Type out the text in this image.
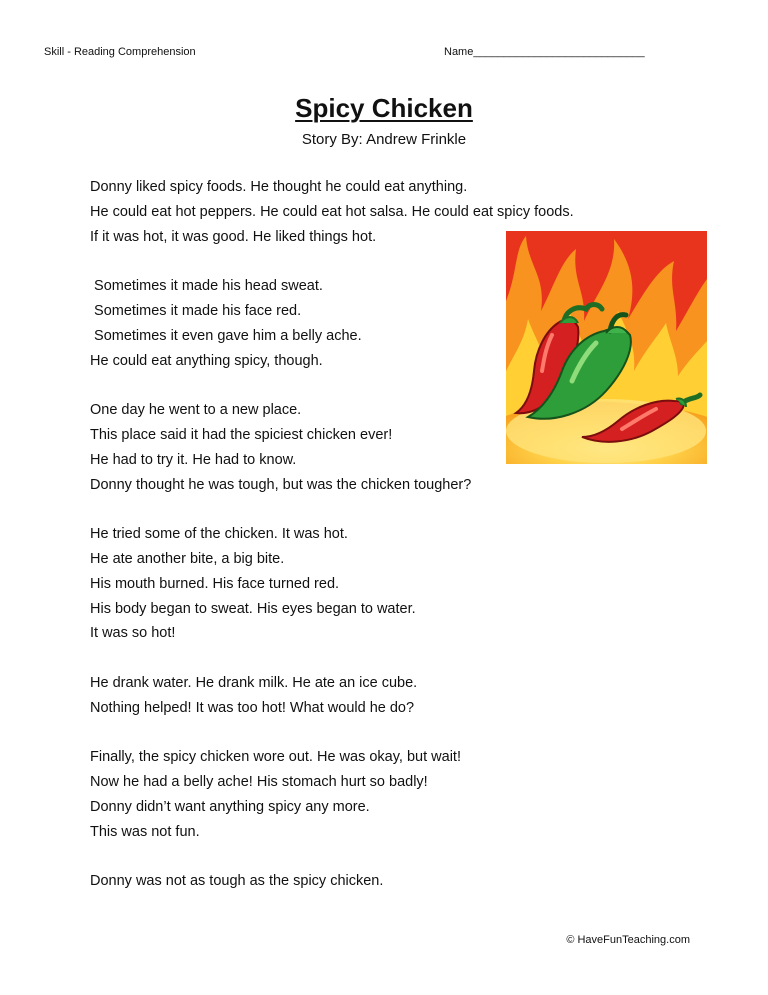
Skill - Reading Comprehension	Name____________________________
Spicy Chicken
Story By: Andrew Frinkle
Donny liked spicy foods. He thought he could eat anything.
He could eat hot peppers. He could eat hot salsa. He could eat spicy foods.
If it was hot, it was good. He liked things hot.
Sometimes it made his head sweat.
Sometimes it made his face red.
Sometimes it even gave him a belly ache.
He could eat anything spicy, though.
One day he went to a new place.
This place said it had the spiciest chicken ever!
He had to try it. He had to know.
Donny thought he was tough, but was the chicken tougher?
He tried some of the chicken. It was hot.
He ate another bite, a big bite.
His mouth burned. His face turned red.
His body began to sweat. His eyes began to water.
It was so hot!
He drank water. He drank milk. He ate an ice cube.
Nothing helped! It was too hot! What would he do?
Finally, the spicy chicken wore out. He was okay, but wait!
Now he had a belly ache! His stomach hurt so badly!
Donny didn’t want anything spicy any more.
This was not fun.
Donny was not as tough as the spicy chicken.
© HaveFunTeaching.com
